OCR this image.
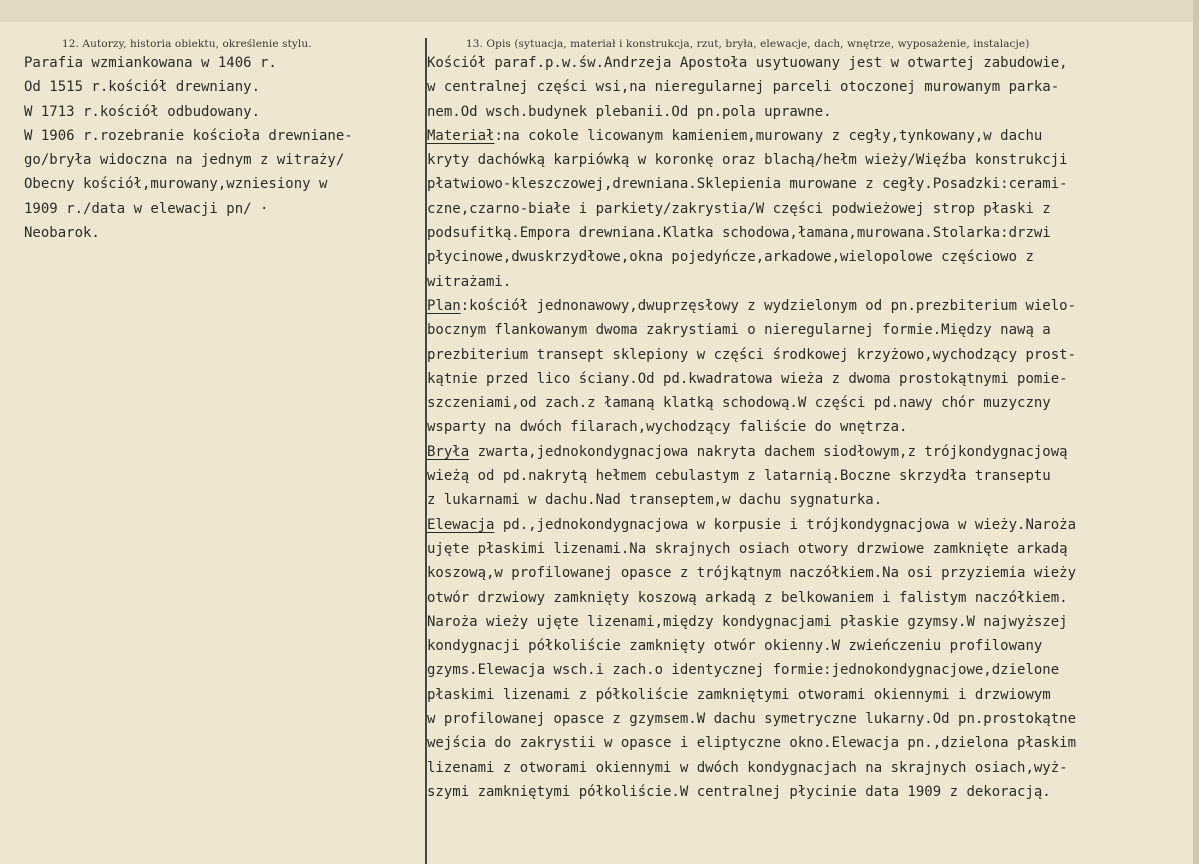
12. Autorzy, historia obiektu, określenie stylu.	13. Opis (sytuacja, materiał i konstrukcja, rzut, bryła, elewacje, dach, wnętrze, wyposażenie, instalacje)
Parafia wzmiankowana w 1406 r.
Od 1515 r.kościół drewniany.
W 1713 r.kościół odbudowany.
W 1906 r.rozebranie kościoła drewniane-
go/bryła widoczna na jednym z witraży/
Obecny kościół,murowany,wzniesiony w
1909 r./data w elewacji pn/ ·
Neobarok.
Kościół paraf.p.w.św.Andrzeja Apostoła usytuowany jest w otwartej zabudowie,
w centralnej części wsi,na nieregularnej parceli otoczonej murowanym parka-
nem.Od wsch.budynek plebanii.Od pn.pola uprawne.
Materiał:na cokole licowanym kamieniem,murowany z cegły,tynkowany,w dachu
kryty dachówką karpiówką w koronkę oraz blachą/hełm wieży/Więźba konstrukcji
płatwiowo-kleszczowej,drewniana.Sklepienia murowane z cegły.Posadzki:cerami-
czne,czarno-białe i parkiety/zakrystia/W części podwieżowej strop płaski z
podsufitką.Empora drewniana.Klatka schodowa,łamana,murowana.Stolarka:drzwi
płycinowe,dwuskrzydłowe,okna pojedyńcze,arkadowe,wielopolowe częściowo z
witrażami.
Plan:kościół jednonawowy,dwuprzęsłowy z wydzielonym od pn.prezbiterium wielo-
bocznym flankowanym dwoma zakrystiami o nieregularnej formie.Między nawą a
prezbiterium transept sklepiony w części środkowej krzyżowo,wychodzący prost-
kątnie przed lico ściany.Od pd.kwadratowa wieża z dwoma prostokątnymi pomie-
szczeniami,od zach.z łamaną klatką schodową.W części pd.nawy chór muzyczny
wsparty na dwóch filarach,wychodzący faliście do wnętrza.
Bryła zwarta,jednokondygnacjowa nakryta dachem siodłowym,z trójkondygnacjową
wieżą od pd.nakrytą hełmem cebulastym z latarnią.Boczne skrzydła transeptu
z lukarnami w dachu.Nad transeptem,w dachu sygnaturka.
Elewacja pd.,jednokondygnacjowa w korpusie i trójkondygnacjowa w wieży.Naroża
ujęte płaskimi lizenami.Na skrajnych osiach otwory drzwiowe zamknięte arkadą
koszową,w profilowanej opasce z trójkątnym naczółkiem.Na osi przyziemia wieży
otwór drzwiowy zamknięty koszową arkadą z belkowaniem i falistym naczółkiem.
Naroża wieży ujęte lizenami,między kondygnacjami płaskie gzymsy.W najwyższej
kondygnacji półkoliście zamknięty otwór okienny.W zwieńczeniu profilowany
gzyms.Elewacja wsch.i zach.o identycznej formie:jednokondygnacjowe,dzielone
płaskimi lizenami z półkoliście zamkniętymi otworami okiennymi i drzwiowym
w profilowanej opasce z gzymsem.W dachu symetryczne lukarny.Od pn.prostokątne
wejścia do zakrystii w opasce i eliptyczne okno.Elewacja pn.,dzielona płaskim
lizenami z otworami okiennymi w dwóch kondygnacjach na skrajnych osiach,wyż-
szymi zamkniętymi półkoliście.W centralnej płycinie data 1909 z dekoracją.
